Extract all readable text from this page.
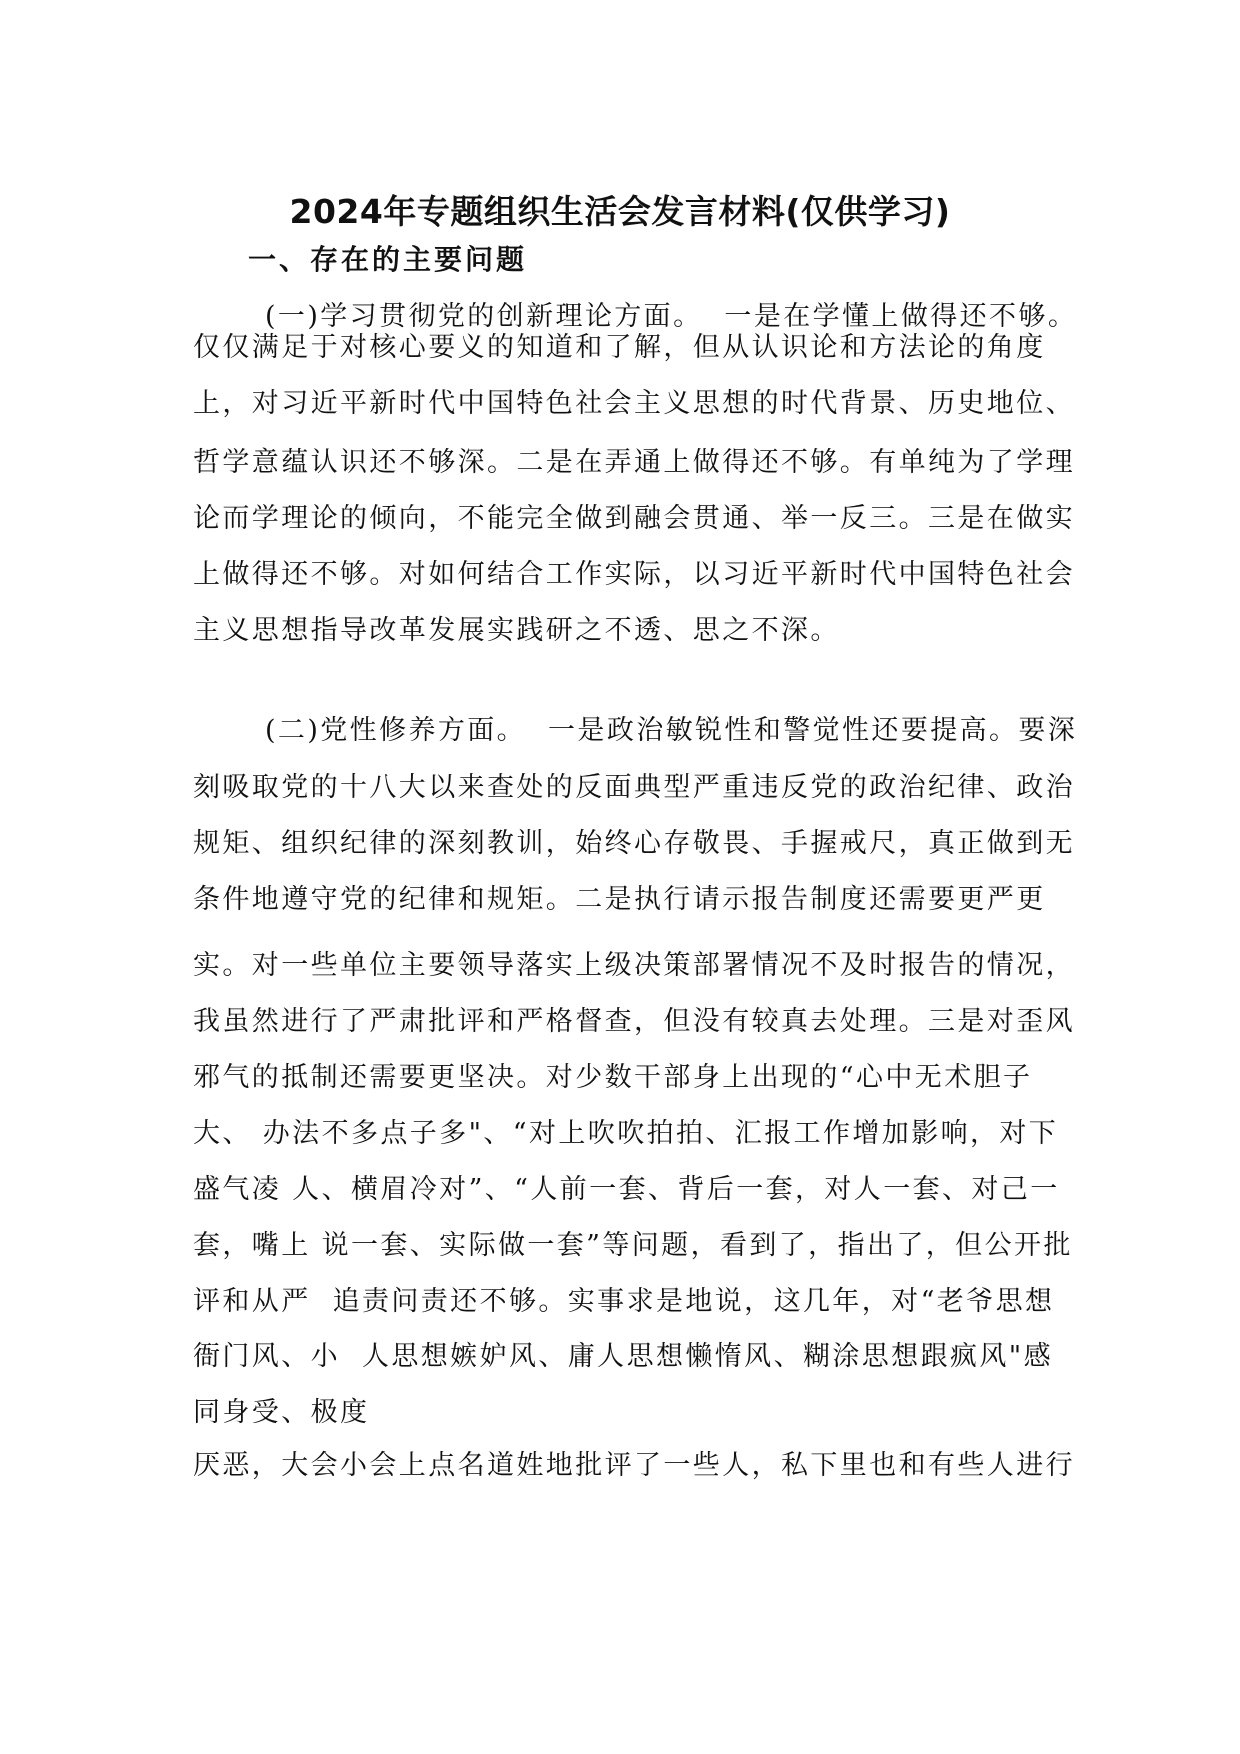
2024年专题组织生活会发言材料(仅供学习)
一、存在的主要问题

(一)学习贯彻党的创新理论方面。  一是在学懂上做得还不够。

仅仅满足于对核心要义的知道和了解，但从认识论和方法论的角度

上，对习近平新时代中国特色社会主义思想的时代背景、历史地位、

哲学意蕴认识还不够深。二是在弄通上做得还不够。有单纯为了学理

论而学理论的倾向，不能完全做到融会贯通、举一反三。三是在做实

上做得还不够。对如何结合工作实际，以习近平新时代中国特色社会

主义思想指导改革发展实践研之不透、思之不深。

(二)党性修养方面。  一是政治敏锐性和警觉性还要提高。要深

刻吸取党的十八大以来查处的反面典型严重违反党的政治纪律、政治

规矩、组织纪律的深刻教训，始终心存敬畏、手握戒尺，真正做到无

条件地遵守党的纪律和规矩。二是执行请示报告制度还需要更严更

实。对一些单位主要领导落实上级决策部署情况不及时报告的情况，

我虽然进行了严肃批评和严格督查，但没有较真去处理。三是对歪风

邪气的抵制还需要更坚决。对少数干部身上出现的“心中无术胆子

大、 办法不多点子多"、“对上吹吹拍拍、汇报工作增加影响，对下

盛气凌 人、横眉冷对”、“人前一套、背后一套，对人一套、对己一

套，嘴上 说一套、实际做一套”等问题，看到了，指出了，但公开批

评和从严  追责问责还不够。实事求是地说，这几年，对“老爷思想

衙门风、小  人思想嫉妒风、庸人思想懒惰风、糊涂思想跟疯风"感

同身受、极度

厌恶，大会小会上点名道姓地批评了一些人，私下里也和有些人进行
